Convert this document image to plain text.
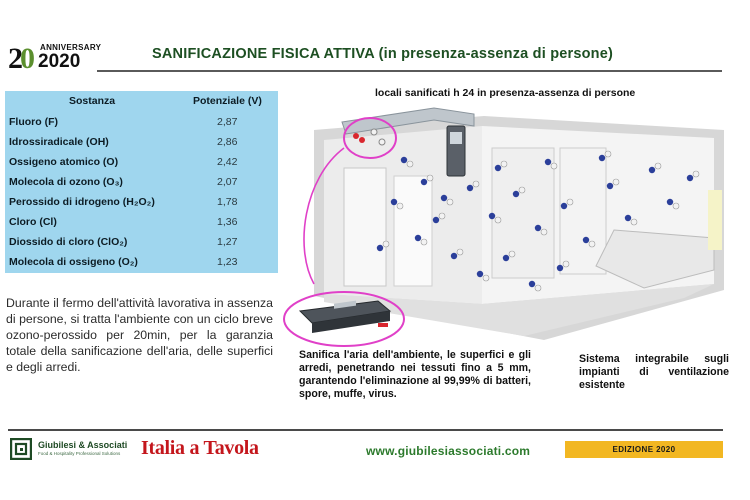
20 ANNIVERSARY
2020	SANIFICAZIONE FISICA ATTIVA (in presenza-assenza di persone)
Sostanza	Potenziale (V)
Fluoro (F)	2,87
Idrossiradicale (OH)	2,86
Ossigeno atomico (O)	2,42
Molecola di ozono (O₃)	2,07
Perossido di idrogeno (H₂O₂)	1,78
Cloro (Cl)	1,36
Diossido di cloro (ClO₂)	1,27
Molecola di ossigeno (O₂)	1,23

Durante il fermo dell'attività lavorativa in assenza di persone, si tratta l'ambiente con un ciclo breve ozono-perossido per 20min, per la garanzia totale della sanificazione dell'aria, delle superfici e degli arredi.

locali sanificati h 24 in presenza-assenza di persone
Sanifica l'aria dell'ambiente, le superfici e gli arredi, penetrando nei tessuti fino a 5 mm, garantendo l'eliminazione al 99,99% di batteri, spore, muffe, virus.
Sistema integrabile sugli impianti di ventilazione esistente
Giubilesi & Associati
Food & Hospitality Professional Solutions Italia a Tavola	www.giubilesiassociati.com	EDIZIONE 2020
